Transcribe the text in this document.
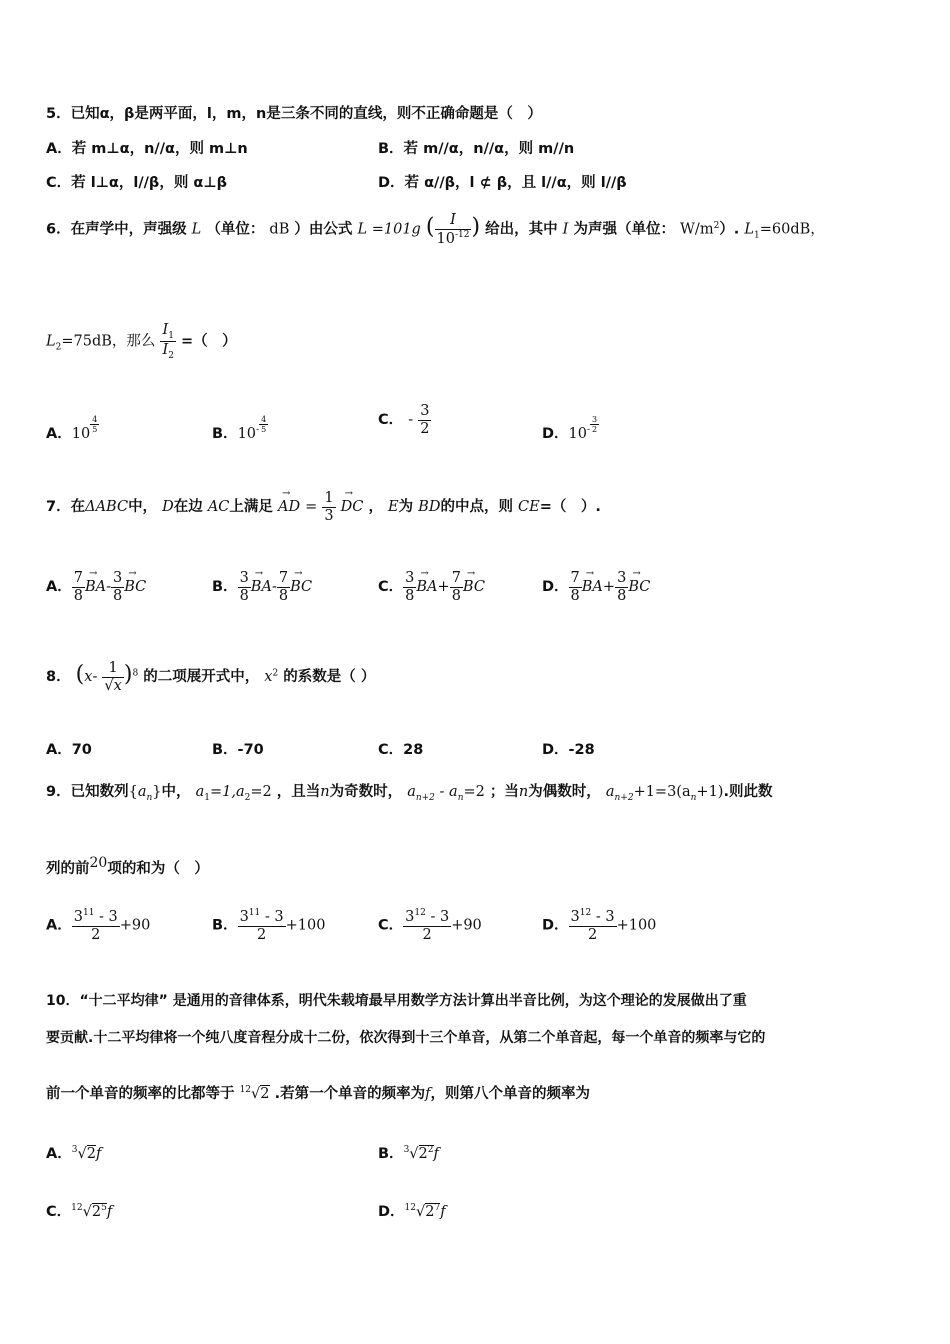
5．已知α，β是两平面，l，m，n是三条不同的直线，则不正确命题是（　）
A．若 m⊥α，n//α，则 m⊥n	B．若 m//α，n//α，则 m//n
C．若 l⊥α，l//β，则 α⊥β	D．若 α//β，l ⊄ β，且 l//α，则 l//β
6．在声学中，声强级 L （单位： dB ）由公式 L =101g ( $\frac{I}{10^{-12}}$ ) 给出，其中 I 为声强（单位： $W/m^2$）. $L_1=60dB$，
$L_2=75dB$，那么 $\frac{I_1}{I_2}$ =（　）
A．$10 \frac{4}{5}$	B．$10^- \frac{4}{5}$	C． - $\frac{3}{2}$	D．$10^- \frac{3}{2}$
7．在ΔABC中， D在边 AC上满足 → AD = $\frac{1}{3}$
→ DC ， E为 BD的中点，则 CE=（　）.
A． $\frac{7}{8}$
→ $BA- \frac{3}{8}$
→ BC	B． $\frac{3}{8}$
→ $BA- \frac{7}{8}$
→ BC	C． $\frac{3}{8}$
→ $BA+ \frac{7}{8}$
→ BC	D． $\frac{7}{8}$
→ $BA+ \frac{3}{8}$
→ BC
8． $(x- \frac{1}{√x} )^8$ 的二项展开式中， $x^2$ 的系数是（ ）
A．70	B．-70	C．28	D．-28
9．已知数列$\{a_n\}$中， $a_1=1,a_2=2$ ，且当n为奇数时， $a_{n+2} - a_n=2$ ；当n为偶数时， $a_{n+2}+1=3(a_n+1)$.则此数
列的前20项的和为（　）
A． $\frac{3^{11} - 3}{2} +90$	B． $\frac{3^{11} - 3}{2} +100$	C． $\frac{3^{12} - 3}{2} +90$	D． $\frac{3^{12} - 3}{2} +100$
10．“十二平均律” 是通用的音律体系，明代朱载堉最早用数学方法计算出半音比例，为这个理论的发展做出了重
要贡献.十二平均律将一个纯八度音程分成十二份，依次得到十三个单音，从第二个单音起，每一个单音的频率与它的
前一个单音的频率的比都等于 $^{12}$√2 .若第一个单音的频率为f，则第八个单音的频率为
A．$^3$√2f	B．$^3√2^2f$
C．$^{12}√2^5f$	D．$^{12}√2^7f$
